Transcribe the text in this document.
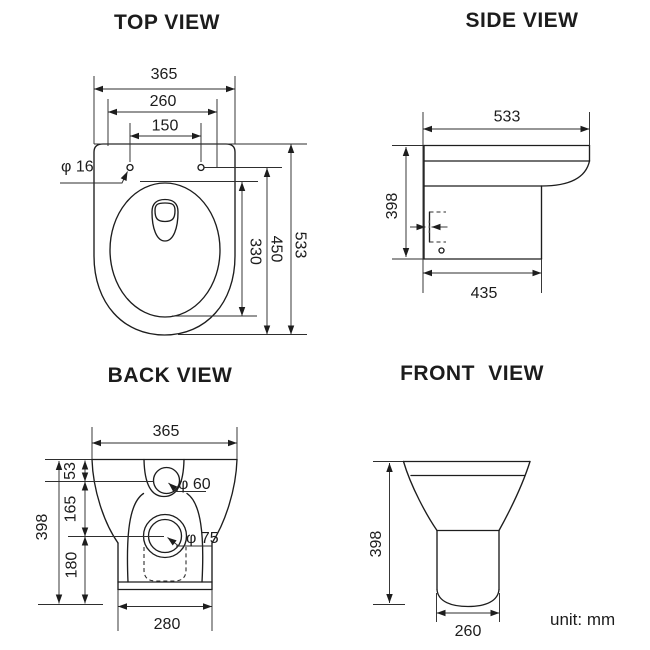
TOP VIEW
365
260
150
330 450 533
φ 16
SIDE VIEW
533
398
435
BACK VIEW
365
398
53
165
180
280
φ 60
φ 75
FRONT VIEW
398
260
unit: mm
